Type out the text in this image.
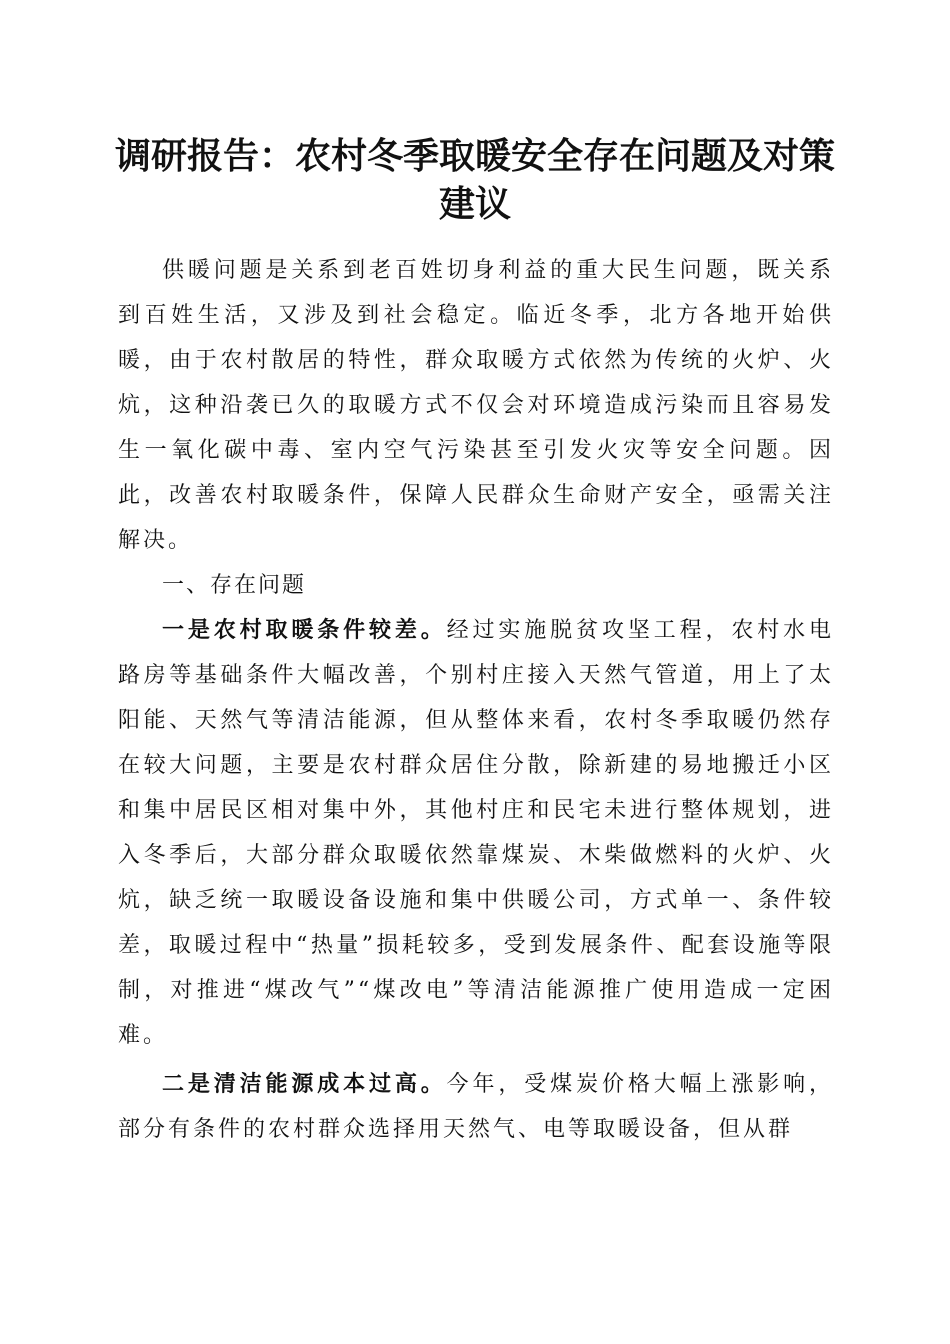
调研报告：农村冬季取暖安全存在问题及对策
建议

供暖问题是关系到老百姓切身利益的重大民生问题，既关系到百姓生活，又涉及到社会稳定。临近冬季，北方各地开始供暖，由于农村散居的特性，群众取暖方式依然为传统的火炉、火炕，这种沿袭已久的取暖方式不仅会对环境造成污染而且容易发生一氧化碳中毒、室内空气污染甚至引发火灾等安全问题。因此，改善农村取暖条件，保障人民群众生命财产安全，亟需关注解决。

一、存在问题

一是农村取暖条件较差。经过实施脱贫攻坚工程，农村水电路房等基础条件大幅改善，个别村庄接入天然气管道，用上了太阳能、天然气等清洁能源，但从整体来看，农村冬季取暖仍然存在较大问题，主要是农村群众居住分散，除新建的易地搬迁小区和集中居民区相对集中外，其他村庄和民宅未进行整体规划，进入冬季后，大部分群众取暖依然靠煤炭、木柴做燃料的火炉、火炕，缺乏统一取暖设备设施和集中供暖公司，方式单一、条件较差，取暖过程中“热量”损耗较多，受到发展条件、配套设施等限制，对推进“煤改气”“煤改电”等清洁能源推广使用造成一定困难。

二是清洁能源成本过高。今年，受煤炭价格大幅上涨影响，部分有条件的农村群众选择用天然气、电等取暖设备，但从群
